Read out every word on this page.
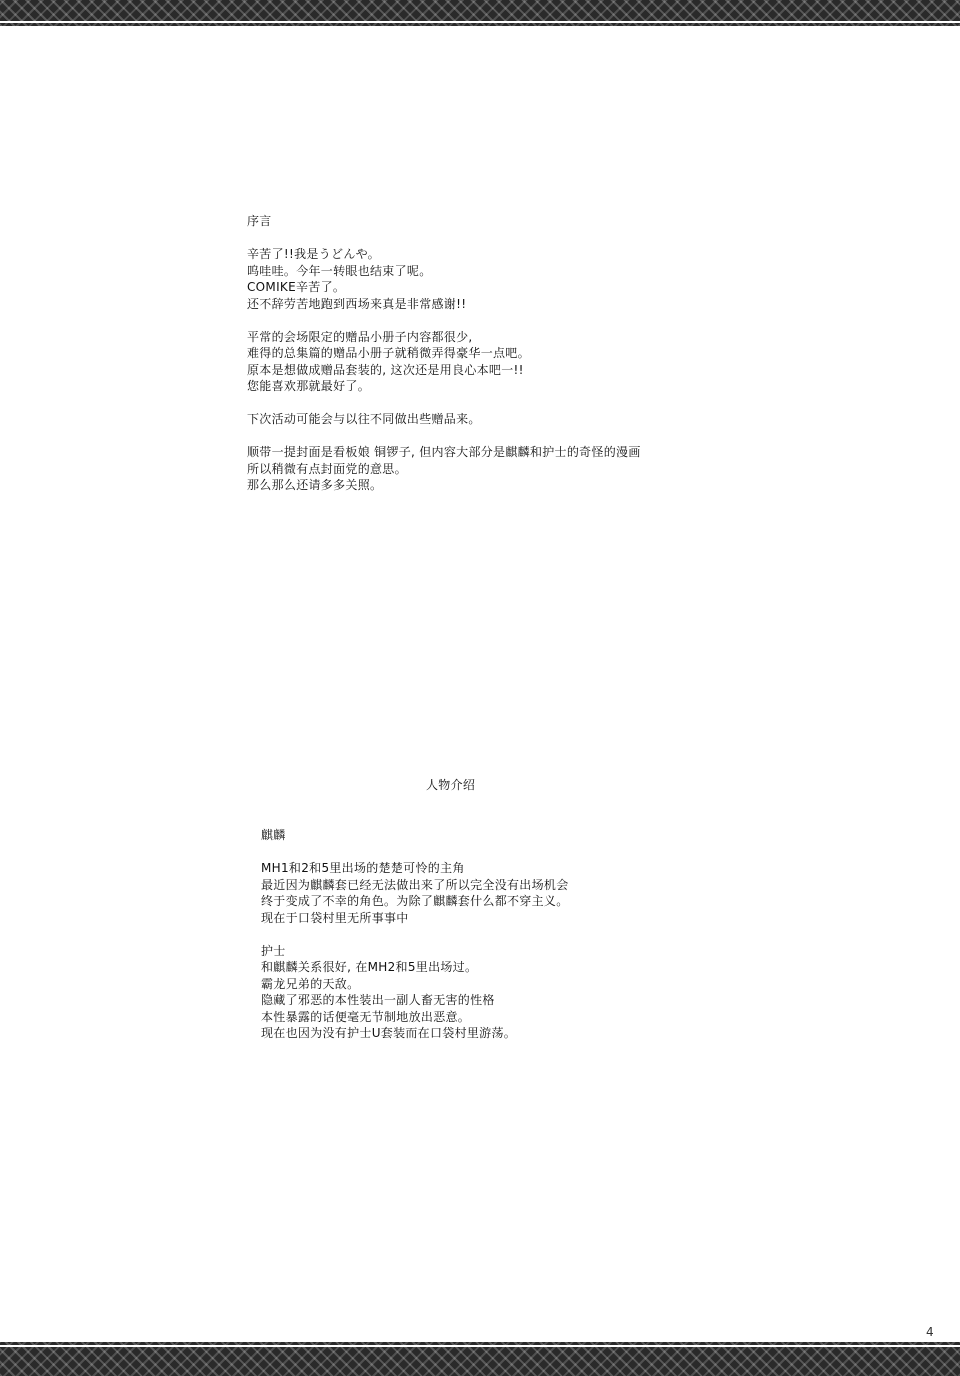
序言

辛苦了!!我是うどんや。

呜哇哇。今年一转眼也结束了呢。

COMIKE辛苦了。

还不辞劳苦地跑到西场来真是非常感谢!!

平常的会场限定的赠品小册子内容都很少,

难得的总集篇的赠品小册子就稍微弄得豪华一点吧。

原本是想做成赠品套装的, 这次还是用良心本吧一!!

您能喜欢那就最好了。

下次活动可能会与以往不同做出些赠品来。

顺带一提封面是看板娘 铜锣子, 但内容大部分是麒麟和护士的奇怪的漫画

所以稍微有点封面党的意思。

那么那么还请多多关照。

人物介绍

麒麟

MH1和2和5里出场的楚楚可怜的主角

最近因为麒麟套已经无法做出来了所以完全没有出场机会

终于变成了不幸的角色。为除了麒麟套什么都不穿主义。

现在于口袋村里无所事事中

护士

和麒麟关系很好, 在MH2和5里出场过。

霸龙兄弟的天敌。

隐藏了邪恶的本性装出一副人畜无害的性格

本性暴露的话便毫无节制地放出恶意。

现在也因为没有护士U套装而在口袋村里游荡。

4
